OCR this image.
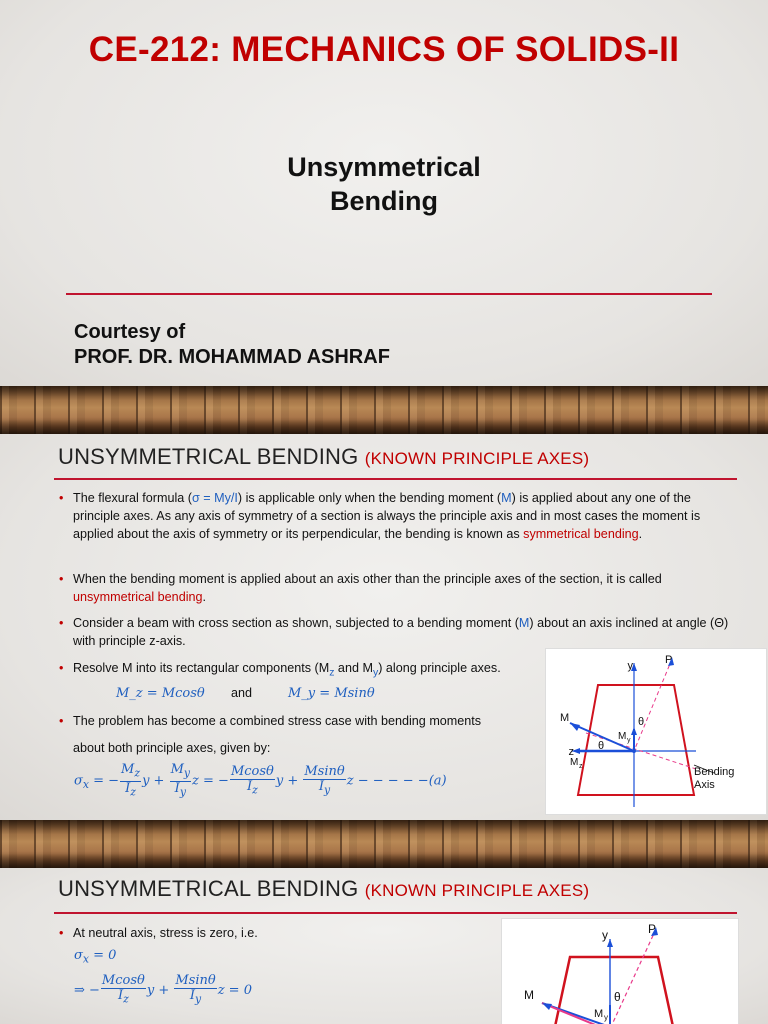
CE-212: MECHANICS OF SOLIDS-II
Unsymmetrical
Bending
Courtesy of
PROF. DR. MOHAMMAD ASHRAF
UNSYMMETRICAL BENDING (KNOWN PRINCIPLE AXES)
• The flexural formula (σ = My/I) is applicable only when the bending moment (M) is applied about any one of the principle axes. As any axis of symmetry of a section is always the principle axis and in most cases the moment is applied about the axis of symmetry or its perpendicular, the bending is known as symmetrical bending.
• When the bending moment is applied about an axis other than the principle axes of the section, it is called unsymmetrical bending.
• Consider a beam with cross section as shown, subjected to a bending moment (M) about an axis inclined at angle (Θ) with principle z-axis.
• Resolve M into its rectangular components ($M_z$ and $M_y$) along principle axes.
M_z = Mcosθ and	M_y = Msinθ
• The problem has become a combined stress case with bending moments
about both principle axes, given by:
$\sigma_x$ = − $\frac{M_z}{I_z}$ $y + \frac{M_y}{I_y}$ z = − $\frac{Mcos\theta}{I_z}$ $y + \frac{Msin\theta}{I_y}$ z − − − − −(a)
y	P
M	θ
M y
θ
z
M z	Bending
Axis
UNSYMMETRICAL BENDING (KNOWN PRINCIPLE AXES)
• At neutral axis, stress is zero, i.e.
$\sigma_x = 0$
⇒ − $\frac{Mcos\theta}{I_z}$ $y + \frac{Msin\theta}{I_y}$ z = 0
y	P
M	θ
M y
